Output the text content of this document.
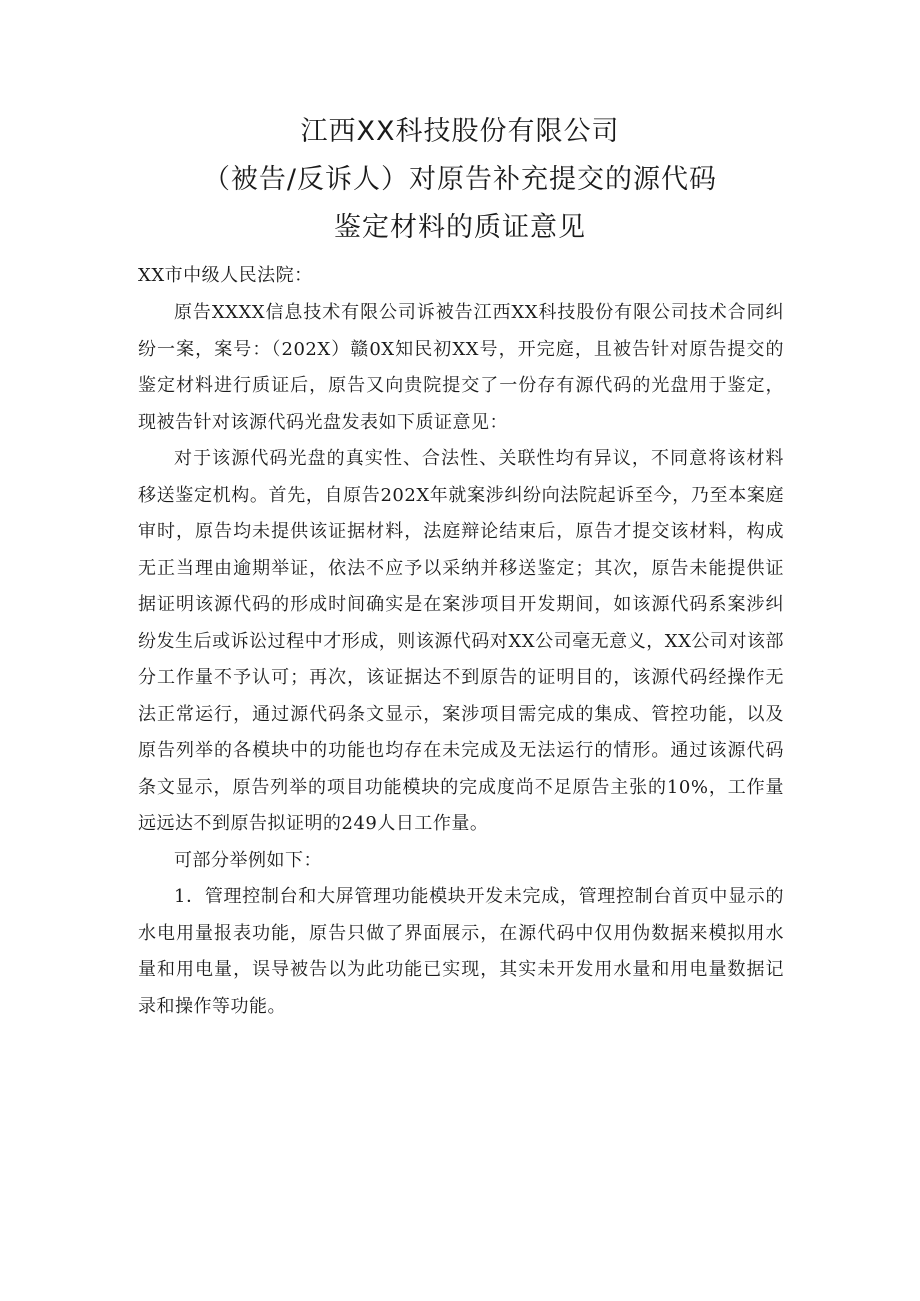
江西XX科技股份有限公司
（被告/反诉人）对原告补充提交的源代码
鉴定材料的质证意见
XX市中级人民法院：

原告XXXX信息技术有限公司诉被告江西XX科技股份有限公司技术合同纠纷一案，案号：（202X）赣0X知民初XX号，开完庭，且被告针对原告提交的鉴定材料进行质证后，原告又向贵院提交了一份存有源代码的光盘用于鉴定，现被告针对该源代码光盘发表如下质证意见：

对于该源代码光盘的真实性、合法性、关联性均有异议，不同意将该材料移送鉴定机构。首先，自原告202X年就案涉纠纷向法院起诉至今，乃至本案庭审时，原告均未提供该证据材料，法庭辩论结束后，原告才提交该材料，构成无正当理由逾期举证，依法不应予以采纳并移送鉴定；其次，原告未能提供证据证明该源代码的形成时间确实是在案涉项目开发期间，如该源代码系案涉纠纷发生后或诉讼过程中才形成，则该源代码对XX公司毫无意义，XX公司对该部分工作量不予认可；再次，该证据达不到原告的证明目的，该源代码经操作无法正常运行，通过源代码条文显示，案涉项目需完成的集成、管控功能，以及原告列举的各模块中的功能也均存在未完成及无法运行的情形。通过该源代码条文显示，原告列举的项目功能模块的完成度尚不足原告主张的10%，工作量远远达不到原告拟证明的249人日工作量。

可部分举例如下：

1．管理控制台和大屏管理功能模块开发未完成，管理控制台首页中显示的水电用量报表功能，原告只做了界面展示，在源代码中仅用伪数据来模拟用水量和用电量，误导被告以为此功能已实现，其实未开发用水量和用电量数据记录和操作等功能。
